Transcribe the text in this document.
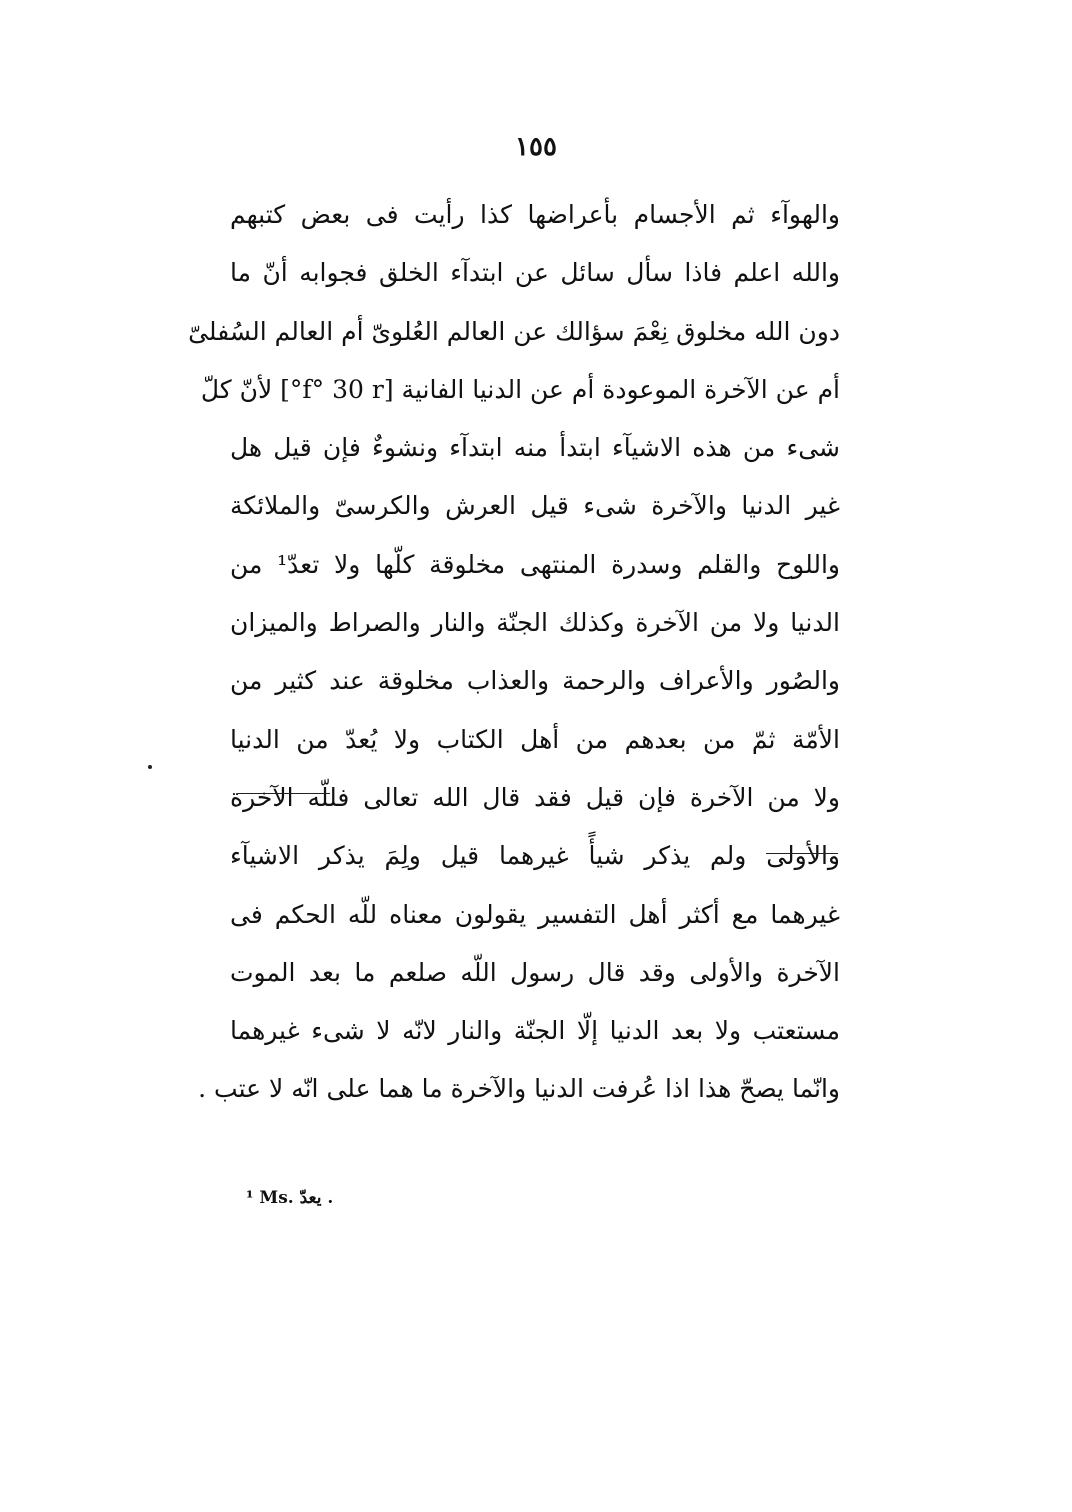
١٥٥
والهوآء ثم الأجسام بأعراضها كذا رأيت فى بعض كتبهم
والله اعلم فاذا سأل سائل عن ابتدآء الخلق فجوابه أنّ ما
دون الله مخلوق نِعْمَ سؤالك عن العالم العُلوىّ أم العالم السُفلىّ
أم عن الآخرة الموعودة أم عن الدنيا الفانية [f° 30 r°] لأنّ كلّ
شىء من هذه الاشيآء ابتدأ منه ابتدآء ونشوءٌ فإن قيل هل
غير الدنيا والآخرة شىء قيل العرش والكرسىّ والملائكة
واللوح والقلم وسدرة المنتهى مخلوقة كلّها ولا تعدّ¹ من
الدنيا ولا من الآخرة وكذلك الجنّة والنار والصراط والميزان
والصُور والأعراف والرحمة والعذاب مخلوقة عند كثير من
الأمّة ثمّ من بعدهم من أهل الكتاب ولا يُعدّ من الدنيا
ولا من الآخرة فإن قيل فقد قال الله تعالى فللّه الآخرة
والأولى ولم يذكر شيأً غيرهما قيل ولِمَ يذكر الاشيآء
غيرهما مع أكثر أهل التفسير يقولون معناه للّه الحكم فى
الآخرة والأولى وقد قال رسول اللّه صلعم ما بعد الموت
مستعتب ولا بعد الدنيا إلّا الجنّة والنار لانّه لا شىء غيرهما
وانّما يصحّ هذا اذا عُرفت الدنيا والآخرة ما هما على انّه لا عتب .
¹ Ms. يعدّ .
